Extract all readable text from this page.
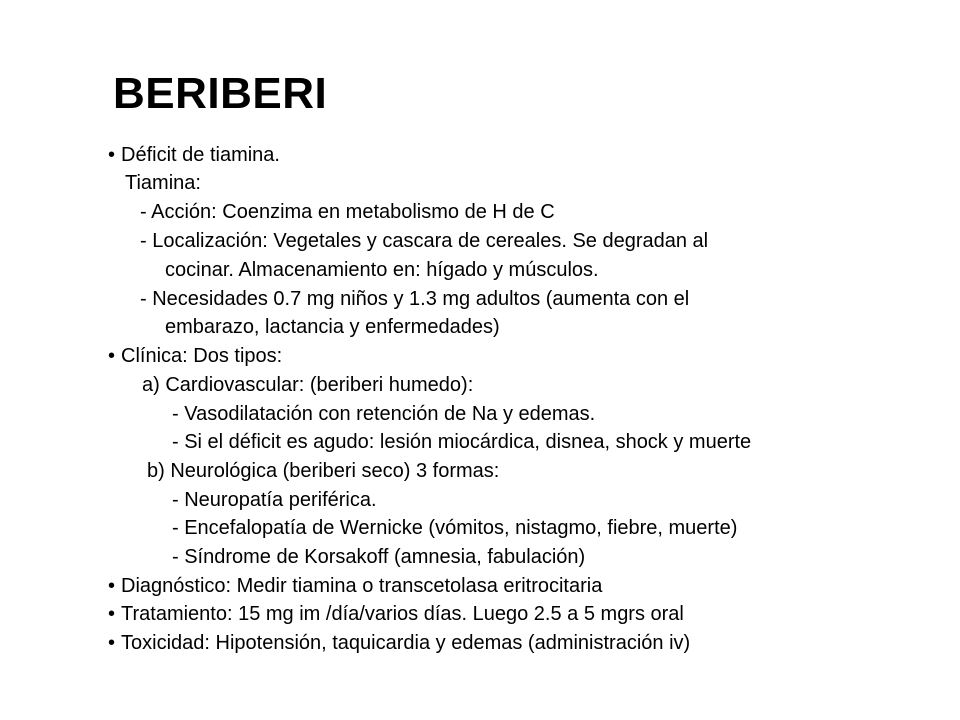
BERIBERI
• Déficit de tiamina.
Tiamina:
- Acción: Coenzima en metabolismo de H de C
- Localización: Vegetales y cascara de cereales. Se degradan al
cocinar. Almacenamiento en: hígado y músculos.
- Necesidades 0.7 mg niños y 1.3 mg adultos (aumenta con el
embarazo, lactancia y enfermedades)
• Clínica: Dos tipos:
a) Cardiovascular: (beriberi humedo):
- Vasodilatación con retención de Na y edemas.
- Si el déficit es agudo: lesión miocárdica, disnea, shock y muerte
b) Neurológica (beriberi seco) 3 formas:
- Neuropatía periférica.
- Encefalopatía de Wernicke (vómitos, nistagmo, fiebre, muerte)
- Síndrome de Korsakoff (amnesia, fabulación)
• Diagnóstico: Medir tiamina o transcetolasa eritrocitaria
• Tratamiento: 15 mg im /día/varios días. Luego 2.5 a 5 mgrs oral
• Toxicidad: Hipotensión, taquicardia y edemas (administración iv)
